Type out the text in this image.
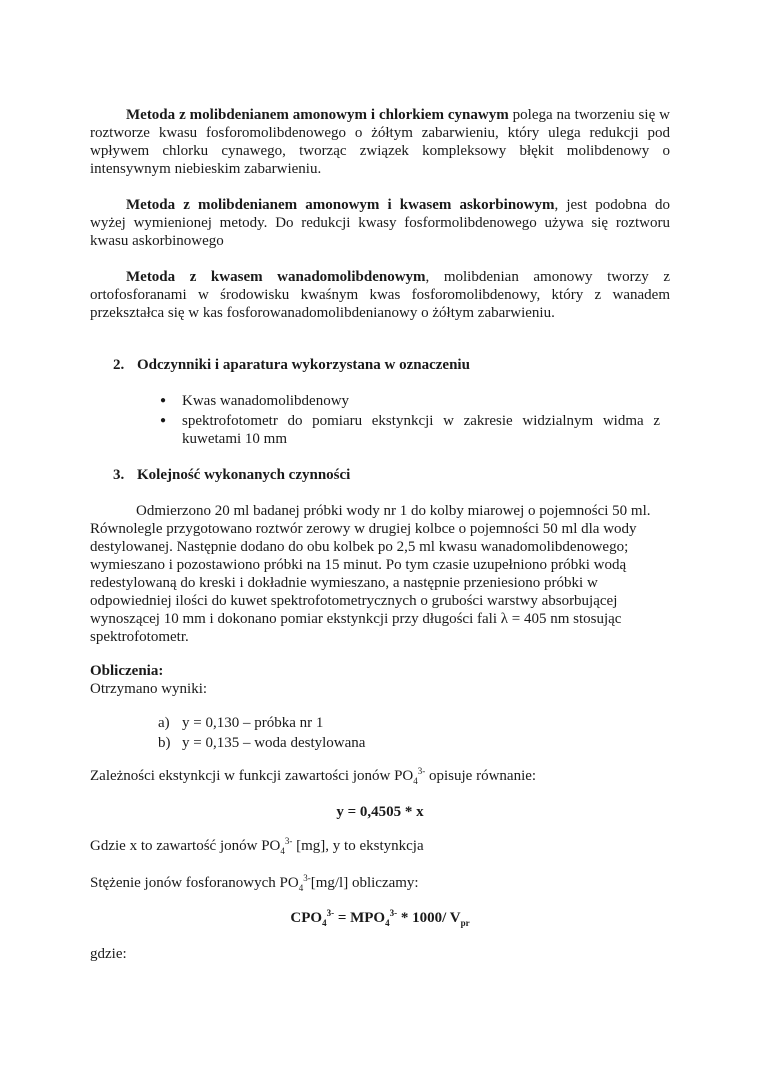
Metoda z molibdenianem amonowym i chlorkiem cynawym polega na tworzeniu się w roztworze kwasu fosforomolibdenowego o żółtym zabarwieniu, który ulega redukcji pod wpływem chlorku cynawego, tworząc związek kompleksowy błękit molibdenowy o intensywnym niebieskim zabarwieniu.

Metoda z molibdenianem amonowym i kwasem askorbinowym, jest podobna do wyżej wymienionej metody. Do redukcji kwasy fosformolibdenowego używa się roztworu kwasu askorbinowego

Metoda z kwasem wanadomolibdenowym, molibdenian amonowy tworzy z ortofosforanami w środowisku kwaśnym kwas fosforomolibdenowy, który z wanadem przekształca się w kas fosforowanadomolibdenianowy o żółtym zabarwieniu.

2. Odczynniki i aparatura wykorzystana w oznaczeniu
● Kwas wanadomolibdenowy
● spektrofotometr do pomiaru ekstynkcji w zakresie widzialnym widma z kuwetami 10 mm
3. Kolejność wykonanych czynności

Odmierzono 20 ml badanej próbki wody nr 1 do kolby miarowej o pojemności 50 ml. Równolegle przygotowano roztwór zerowy w drugiej kolbce o pojemności 50 ml dla wody destylowanej. Następnie dodano do obu kolbek po 2,5 ml kwasu wanadomolibdenowego; wymieszano i pozostawiono próbki na 15 minut. Po tym czasie uzupełniono próbki wodą redestylowaną do kreski i dokładnie wymieszano, a następnie przeniesiono próbki w odpowiedniej ilości do kuwet spektrofotometrycznych o grubości warstwy absorbującej wynoszącej 10 mm i dokonano pomiar ekstynkcji przy długości fali λ = 405 nm stosując spektrofotometr.

Obliczenia:
Otrzymano wyniki:
a) y = 0,130 – próbka nr 1
b) y = 0,135 – woda destylowana
Zależności ekstynkcji w funkcji zawartości jonów $PO_4^{3-}$ opisuje równanie:
y = 0,4505 * x
Gdzie x to zawartość jonów $PO_4^{3-}$ [mg], y to ekstynkcja
Stężenie jonów fosforanowych $PO_4^{3-}[mg/l]$ obliczamy:
$CPO_4^{3-} = MPO_4^{3-} * 1000/$ $V_{pr}$
gdzie:
